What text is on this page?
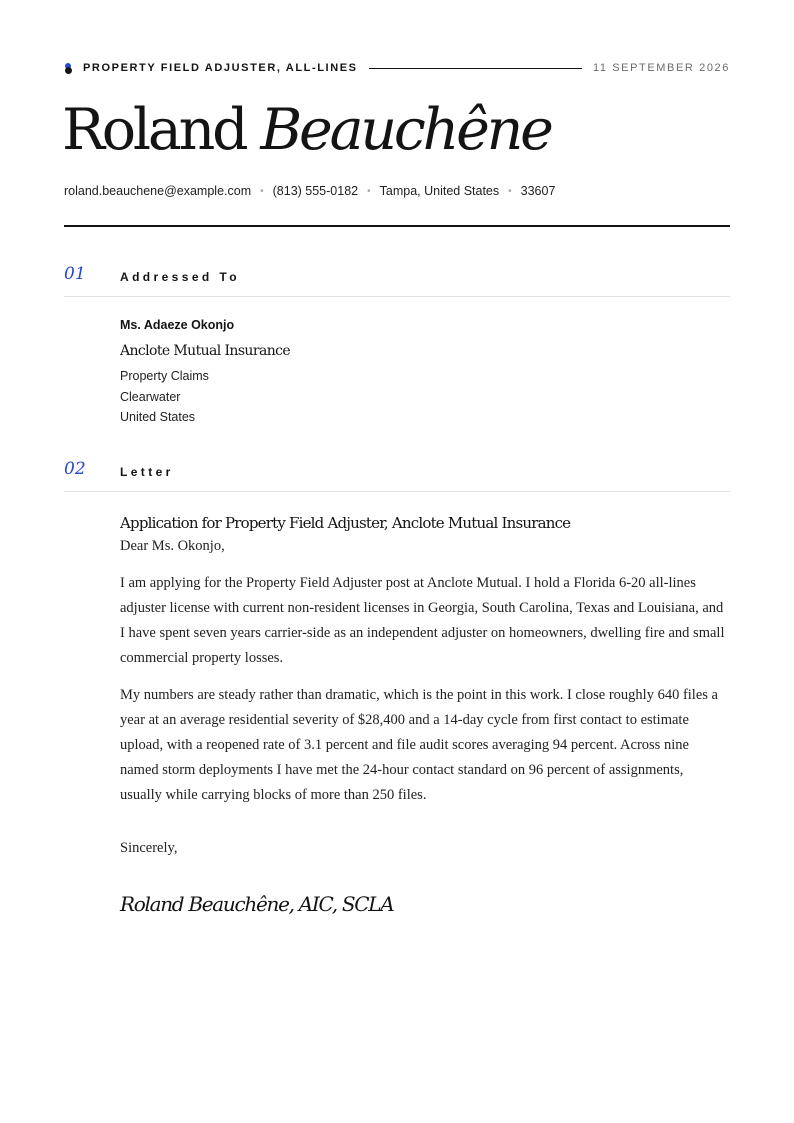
PROPERTY FIELD ADJUSTER, ALL-LINES	11 SEPTEMBER 2026
Roland Beauchêne
roland.beauchene@example.com • (813) 555-0182 • Tampa, United States • 33607
01	Addressed To
Ms. Adaeze Okonjo
Anclote Mutual Insurance
Property Claims
Clearwater
United States
02	Letter
Application for Property Field Adjuster, Anclote Mutual Insurance
Dear Ms. Okonjo,

I am applying for the Property Field Adjuster post at Anclote Mutual. I hold a Florida 6-20 all-lines adjuster license with current non-resident licenses in Georgia, South Carolina, Texas and Louisiana, and I have spent seven years carrier-side as an independent adjuster on homeowners, dwelling fire and small commercial property losses.

My numbers are steady rather than dramatic, which is the point in this work. I close roughly 640 files a year at an average residential severity of $28,400 and a 14-day cycle from first contact to estimate upload, with a reopened rate of 3.1 percent and file audit scores averaging 94 percent. Across nine named storm deployments I have met the 24-hour contact standard on 96 percent of assignments, usually while carrying blocks of more than 250 files.

Sincerely,
Roland Beauchêne, AIC, SCLA
